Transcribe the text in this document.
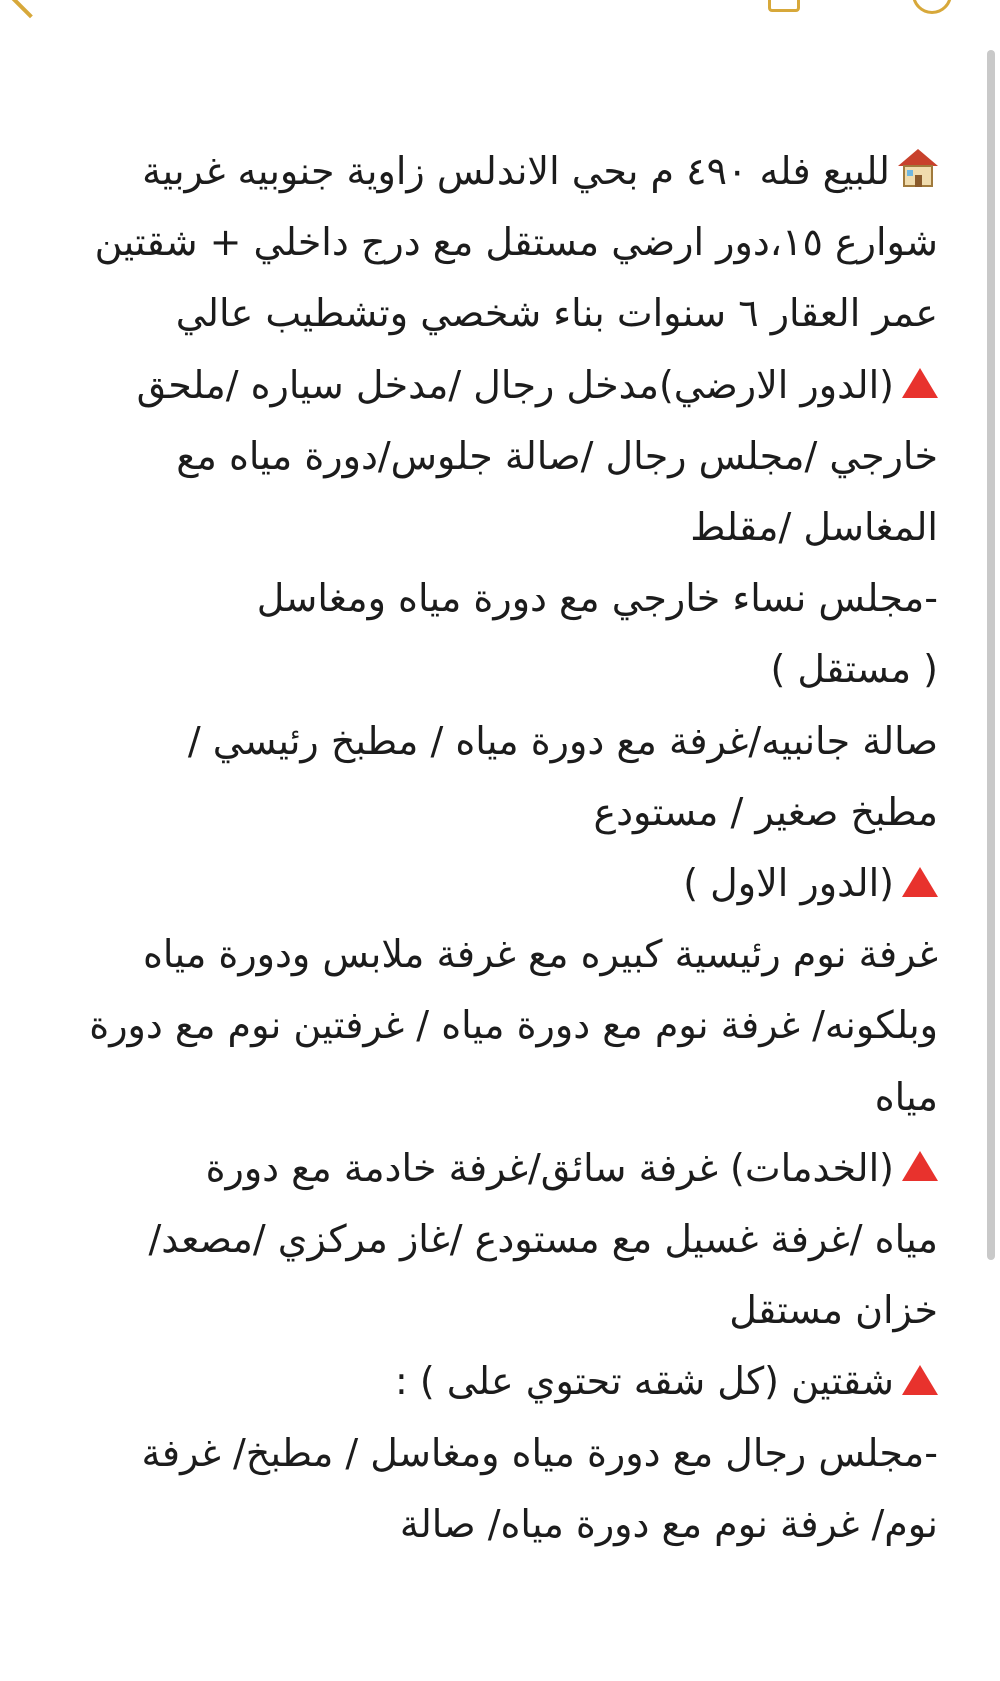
للبيع فله ٤٩٠ م بحي الاندلس زاوية جنوبيه غربية
شوارع ١٥،دور ارضي مستقل مع درج داخلي + شقتين
عمر العقار ٦ سنوات بناء شخصي وتشطيب عالي
(الدور الارضي)مدخل رجال /مدخل سياره /ملحق
خارجي /مجلس رجال /صالة جلوس/دورة مياه مع
المغاسل /مقلط
-مجلس نساء خارجي مع دورة مياه ومغاسل
( مستقل )
صالة جانبيه/غرفة مع دورة مياه / مطبخ رئيسي /
مطبخ صغير / مستودع
(الدور الاول )
غرفة نوم رئيسية كبيره مع غرفة ملابس ودورة مياه
وبلكونه/ غرفة نوم مع دورة مياه / غرفتين نوم مع دورة
مياه
(الخدمات) غرفة سائق/غرفة خادمة مع دورة
مياه /غرفة غسيل مع مستودع /غاز مركزي /مصعد/
خزان مستقل
شقتين (كل شقه تحتوي على ) :
-مجلس رجال مع دورة مياه ومغاسل / مطبخ/ غرفة
نوم/ غرفة نوم مع دورة مياه/ صالة
